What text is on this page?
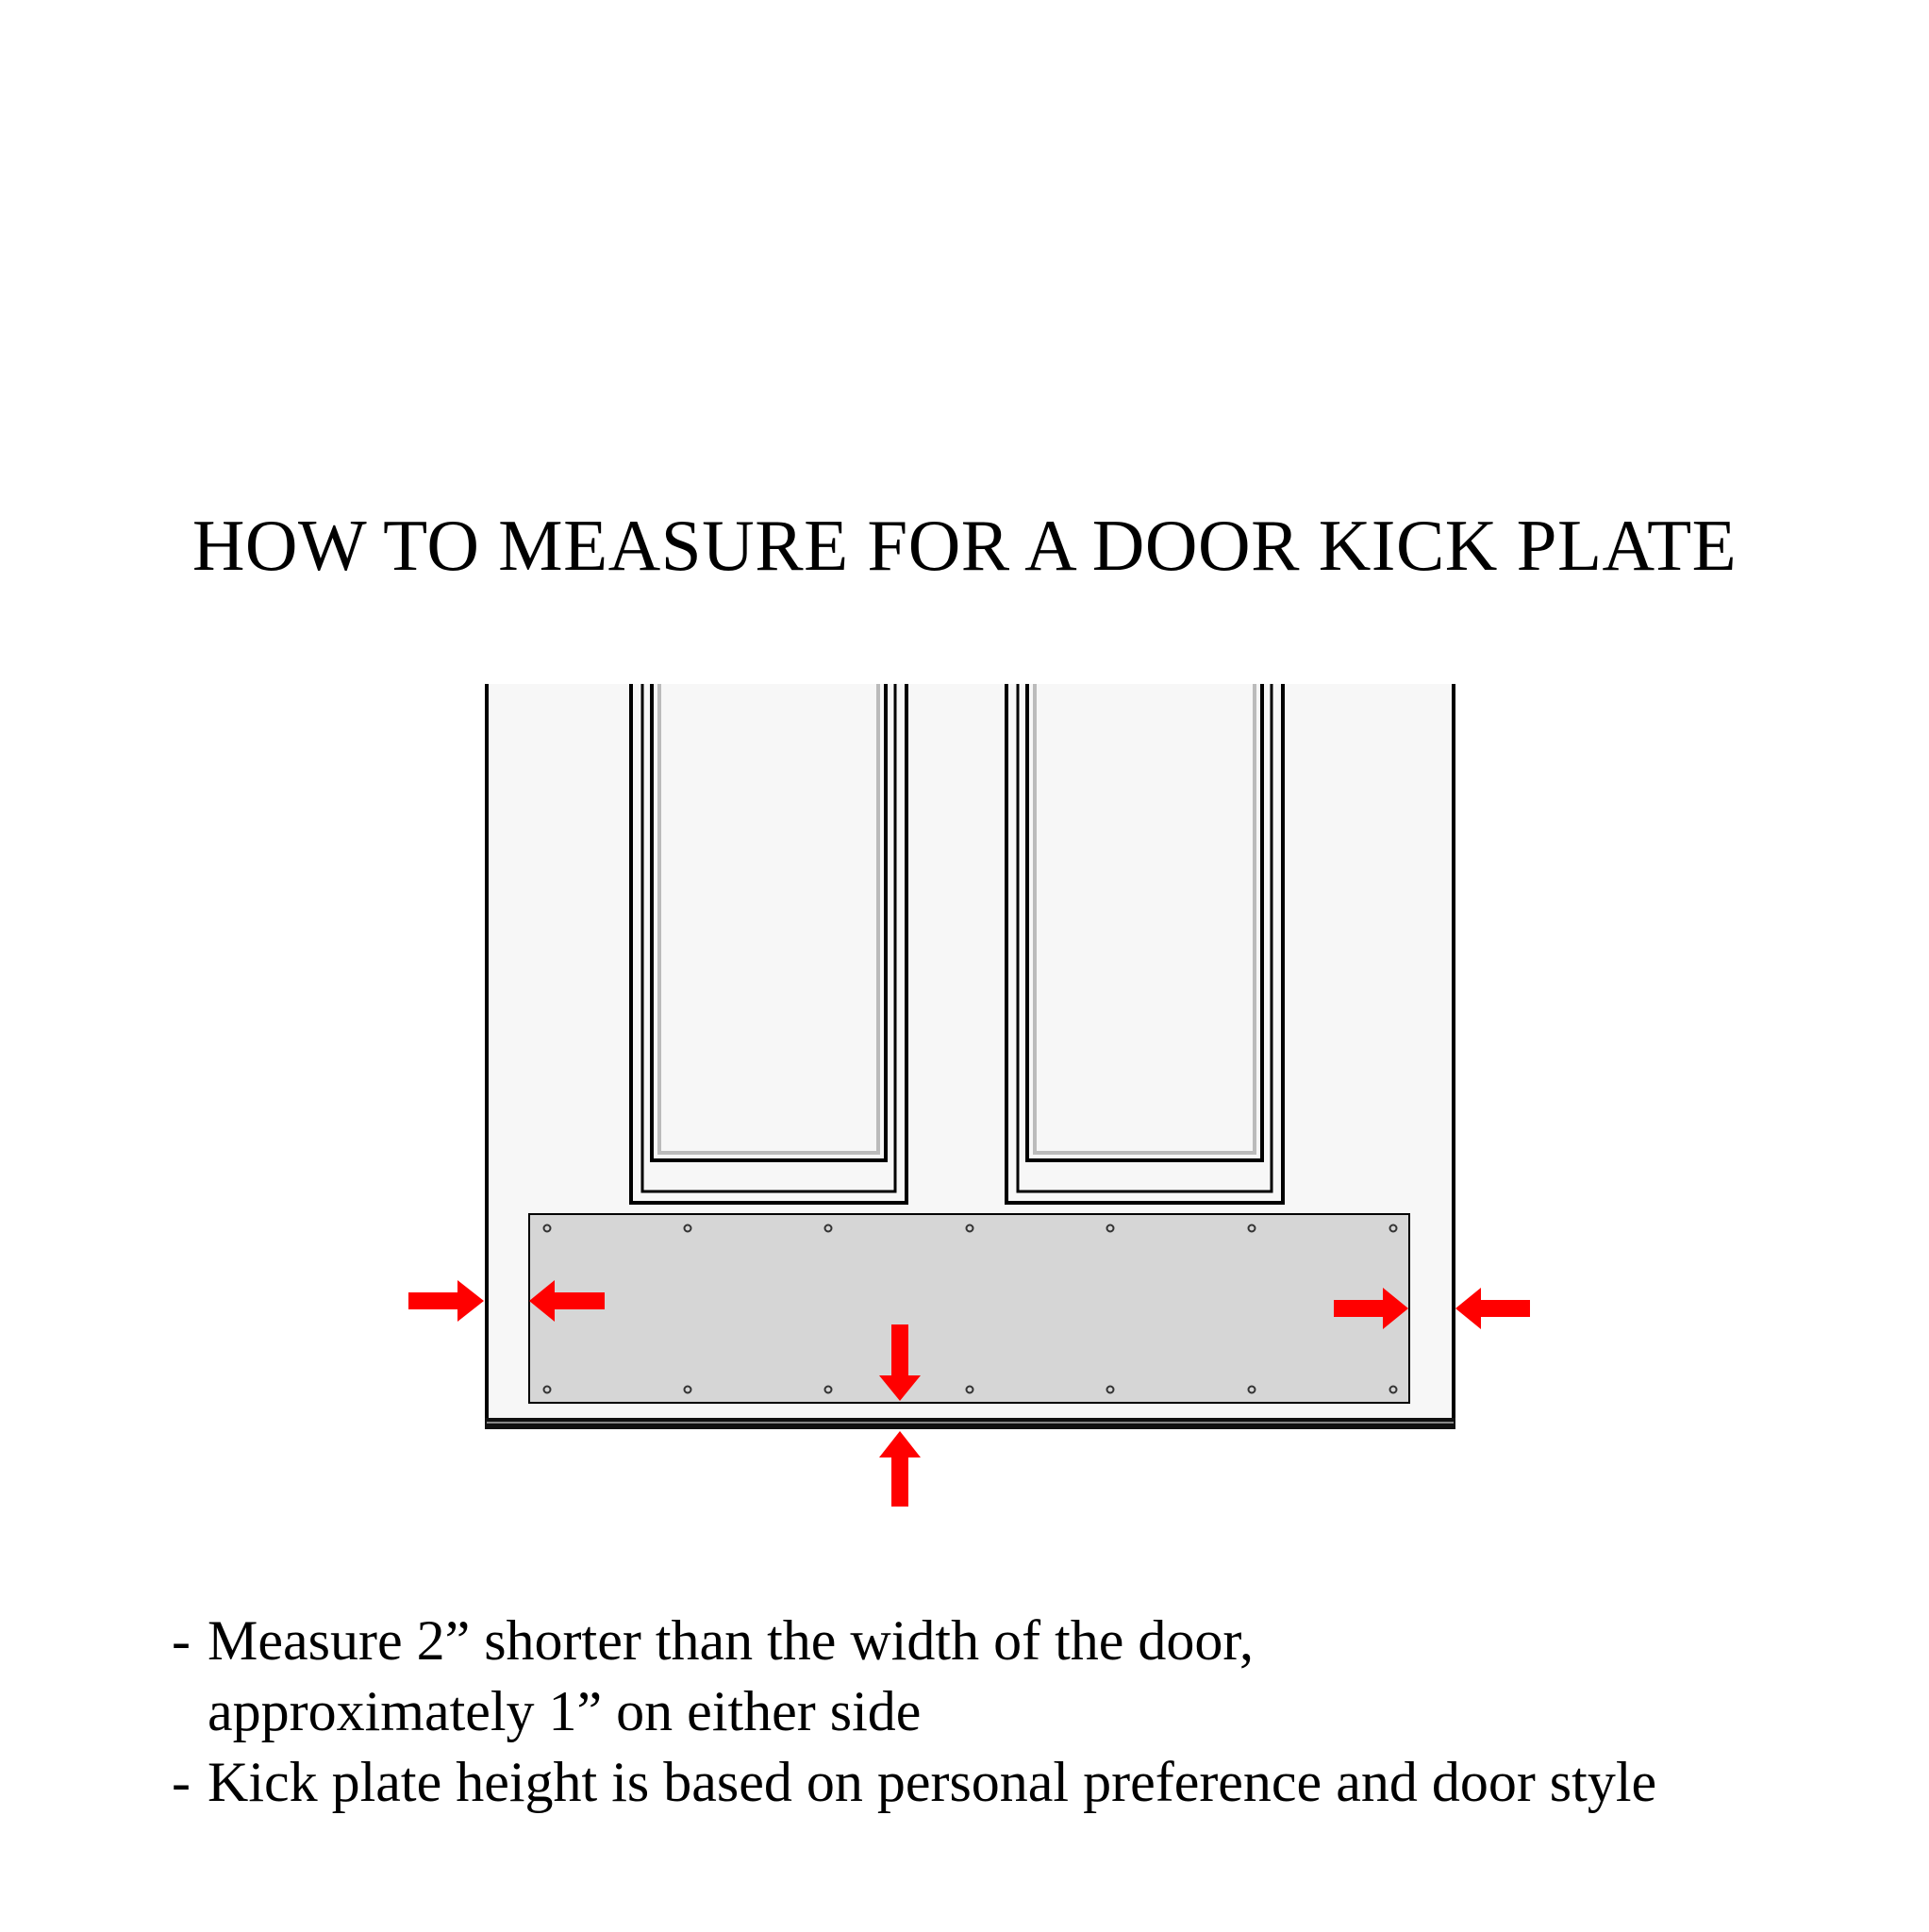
HOW TO MEASURE FOR A DOOR KICK PLATE
- Measure 2” shorter than the width of the door,
approximately 1” on either side
- Kick plate height is based on personal preference and door style
